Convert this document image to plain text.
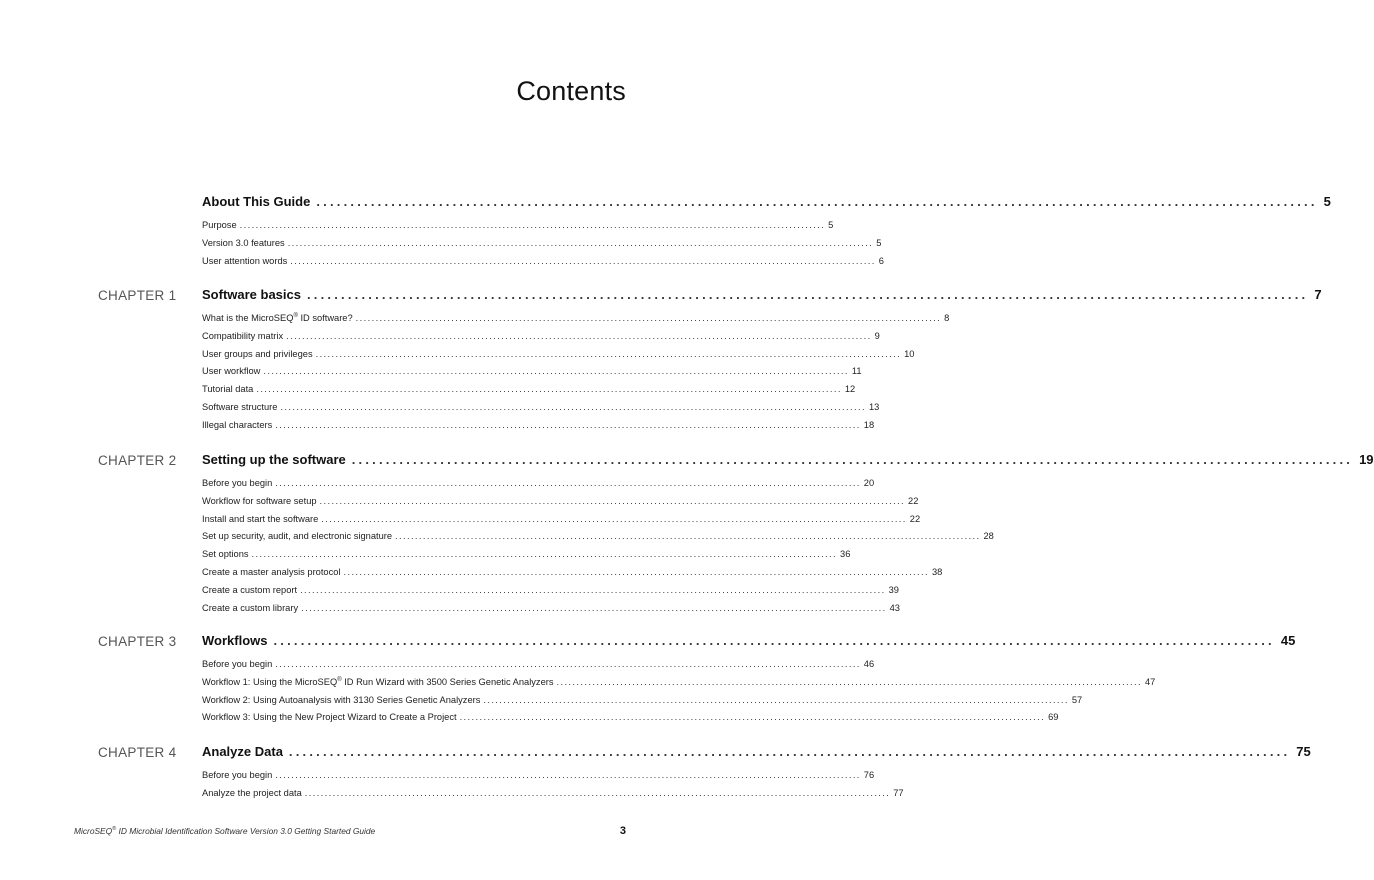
Contents
About This Guide ................................................................................................................................................... 5
Purpose ................................................................................................................................................... 5
Version 3.0 features ................................................................................................................................................... 5
User attention words ................................................................................................................................................... 6
CHAPTER 1 Software basics ................................................................................................................................................... 7
What is the MicroSEQ® ID software? ................................................................................................................................................... 8
Compatibility matrix ................................................................................................................................................... 9
User groups and privileges ................................................................................................................................................... 10
User workflow ................................................................................................................................................... 11
Tutorial data ................................................................................................................................................... 12
Software structure ................................................................................................................................................... 13
Illegal characters ................................................................................................................................................... 18
CHAPTER 2 Setting up the software ................................................................................................................................................... 19
Before you begin ................................................................................................................................................... 20
Workflow for software setup ................................................................................................................................................... 22
Install and start the software ................................................................................................................................................... 22
Set up security, audit, and electronic signature ................................................................................................................................................... 28
Set options ................................................................................................................................................... 36
Create a master analysis protocol ................................................................................................................................................... 38
Create a custom report ................................................................................................................................................... 39
Create a custom library ................................................................................................................................................... 43
CHAPTER 3 Workflows ................................................................................................................................................... 45
Before you begin ................................................................................................................................................... 46
Workflow 1: Using the MicroSEQ® ID Run Wizard with 3500 Series Genetic Analyzers ................................................................................................................................................... 47
Workflow 2: Using Autoanalysis with 3130 Series Genetic Analyzers ................................................................................................................................................... 57
Workflow 3: Using the New Project Wizard to Create a Project ................................................................................................................................................... 69
CHAPTER 4 Analyze Data ................................................................................................................................................... 75
Before you begin ................................................................................................................................................... 76
Analyze the project data ................................................................................................................................................... 77
MicroSEQ® ID Microbial Identification Software Version 3.0 Getting Started Guide	3
